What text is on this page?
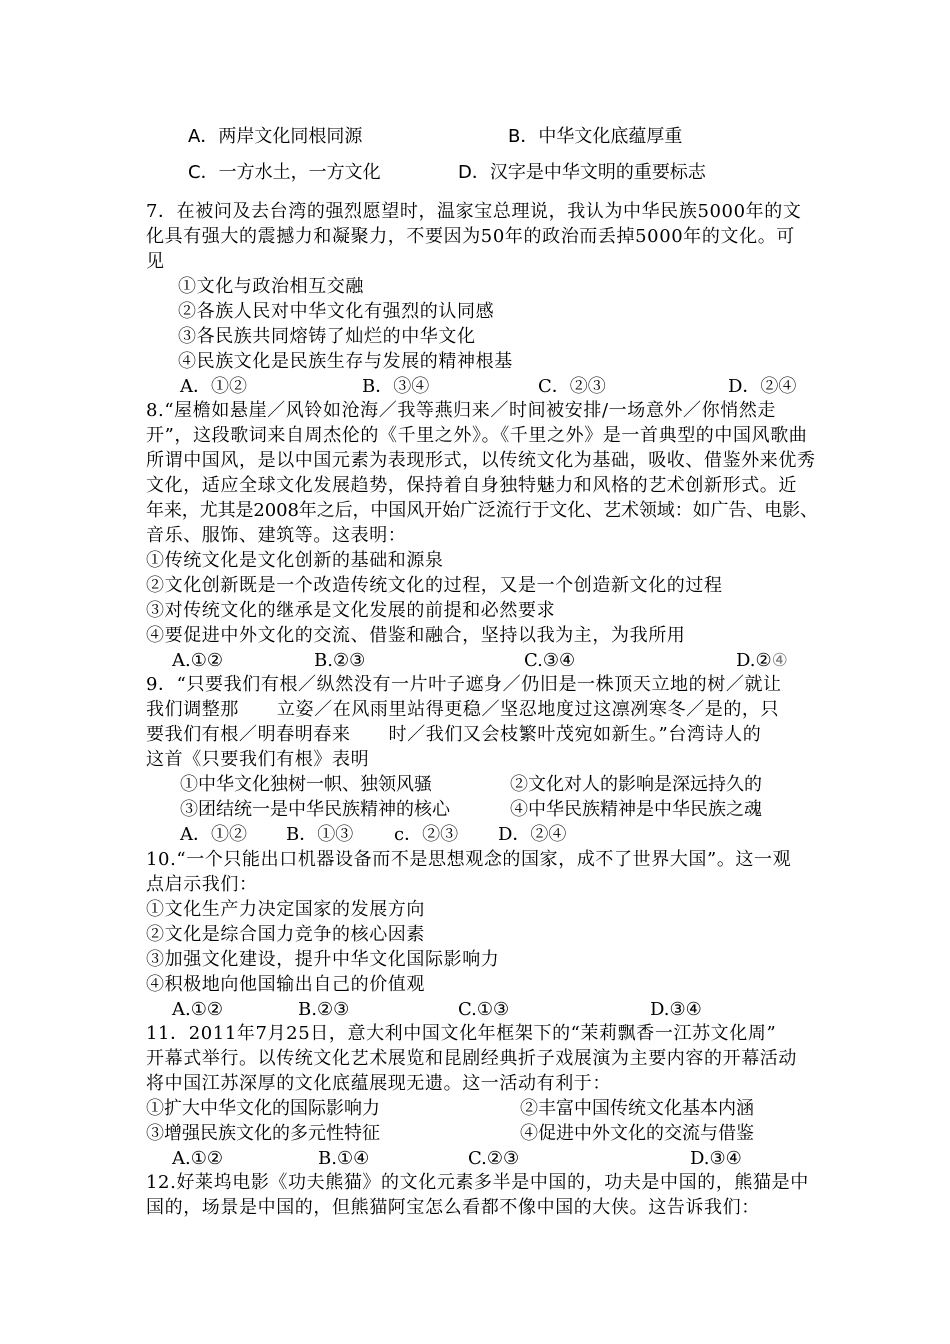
A．两岸文化同根同源	B．中华文化底蕴厚重
C．一方水土，一方文化	D．汉字是中华文明的重要标志
7．在被问及去台湾的强烈愿望时，温家宝总理说，我认为中华民族5000年的文
化具有强大的震撼力和凝聚力，不要因为50年的政治而丢掉5000年的文化。可
见
①文化与政治相互交融
②各族人民对中华文化有强烈的认同感
③各民族共同熔铸了灿烂的中华文化
④民族文化是民族生存与发展的精神根基
A．①②	B．③④	C．②③	D．②④
8.“屋檐如悬崖／风铃如沧海／我等燕归来／时间被安排/一场意外／你悄然走
开”，这段歌词来自周杰伦的《千里之外》。《千里之外》是一首典型的中国风歌曲
所谓中国风，是以中国元素为表现形式，以传统文化为基础，吸收、借鉴外来优秀
文化，适应全球文化发展趋势，保持着自身独特魅力和风格的艺术创新形式。近
年来，尤其是2008年之后，中国风开始广泛流行于文化、艺术领域：如广告、电影、
音乐、服饰、建筑等。这表明：
①传统文化是文化创新的基础和源泉
②文化创新既是一个改造传统文化的过程，又是一个创造新文化的过程
③对传统文化的继承是文化发展的前提和必然要求
④要促进中外文化的交流、借鉴和融合，坚持以我为主，为我所用
A.①②	B.②③	C.③④	D.②④
9．“只要我们有根／纵然没有一片叶子遮身／仍旧是一株顶天立地的树／就让
我们调整那      立姿／在风雨里站得更稳／坚忍地度过这凛冽寒冬／是的，只
要我们有根／明春明春来      时／我们又会枝繁叶茂宛如新生。”台湾诗人的
这首《只要我们有根》表明
①中华文化独树一帜、独领风骚	②文化对人的影响是深远持久的
③团结统一是中华民族精神的核心	④中华民族精神是中华民族之魂
A．①② B．①③ c．②③ D．②④
10.“一个只能出口机器设备而不是思想观念的国家，成不了世界大国”。这一观
点启示我们：
①文化生产力决定国家的发展方向
②文化是综合国力竞争的核心因素
③加强文化建设，提升中华文化国际影响力
④积极地向他国输出自己的价值观
A.①②	B.②③	C.①③	D.③④
11．2011年7月25日，意大利中国文化年框架下的“茉莉飘香一江苏文化周”
开幕式举行。以传统文化艺术展览和昆剧经典折子戏展演为主要内容的开幕活动
将中国江苏深厚的文化底蕴展现无遗。这一活动有利于：
①扩大中华文化的国际影响力	②丰富中国传统文化基本内涵
③增强民族文化的多元性特征	④促进中外文化的交流与借鉴
A.①②	B.①④	C.②③	D.③④
12.好莱坞电影《功夫熊猫》的文化元素多半是中国的，功夫是中国的，熊猫是中
国的，场景是中国的，但熊猫阿宝怎么看都不像中国的大侠。这告诉我们：
